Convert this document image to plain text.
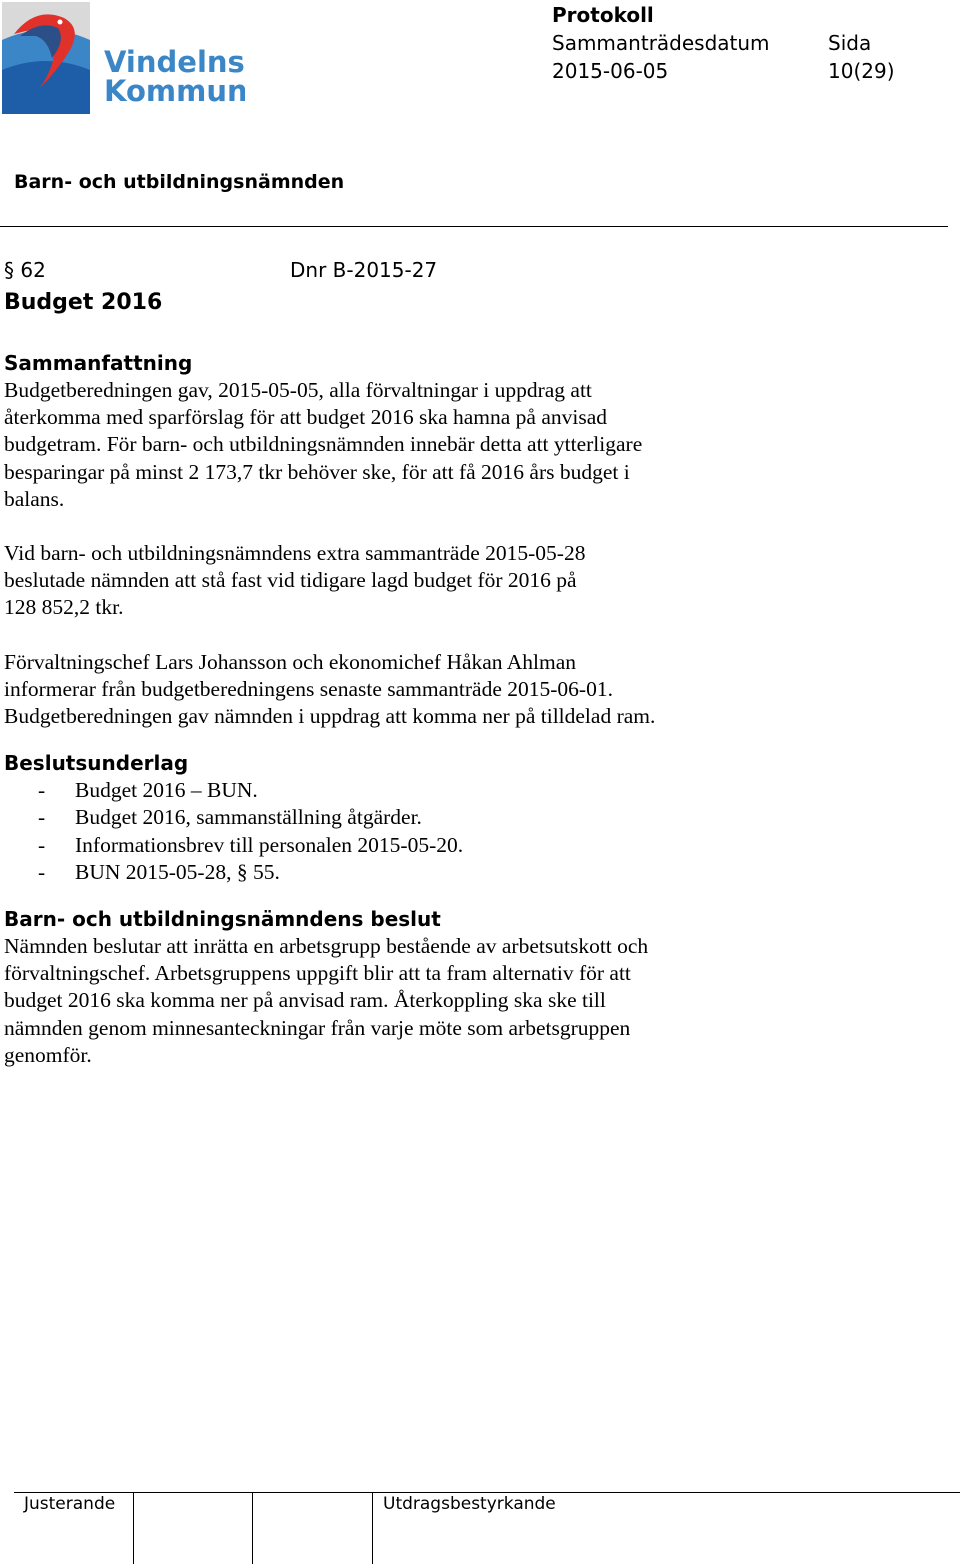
Vindelns
Kommun
Protokoll
Sammanträdesdatum
2015-06-05
Sida
10(29)
Barn- och utbildningsnämnden
§ 62	Dnr B-2015-27
Budget 2016
Sammanfattning
Budgetberedningen gav, 2015-05-05, alla förvaltningar i uppdrag att
återkomma med sparförslag för att budget 2016 ska hamna på anvisad
budgetram. För barn- och utbildningsnämnden innebär detta att ytterligare
besparingar på minst 2 173,7 tkr behöver ske, för att få 2016 års budget i
balans.
Vid barn- och utbildningsnämndens extra sammanträde 2015-05-28
beslutade nämnden att stå fast vid tidigare lagd budget för 2016 på
128 852,2 tkr.
Förvaltningschef Lars Johansson och ekonomichef Håkan Ahlman
informerar från budgetberedningens senaste sammanträde 2015-06-01.
Budgetberedningen gav nämnden i uppdrag att komma ner på tilldelad ram.
Beslutsunderlag
- Budget 2016 – BUN.
- Budget 2016, sammanställning åtgärder.
- Informationsbrev till personalen 2015-05-20.
- BUN 2015-05-28, § 55.
Barn- och utbildningsnämndens beslut
Nämnden beslutar att inrätta en arbetsgrupp bestående av arbetsutskott och
förvaltningschef. Arbetsgruppens uppgift blir att ta fram alternativ för att
budget 2016 ska komma ner på anvisad ram. Återkoppling ska ske till
nämnden genom minnesanteckningar från varje möte som arbetsgruppen
genomför.
Justerande	Utdragsbestyrkande
